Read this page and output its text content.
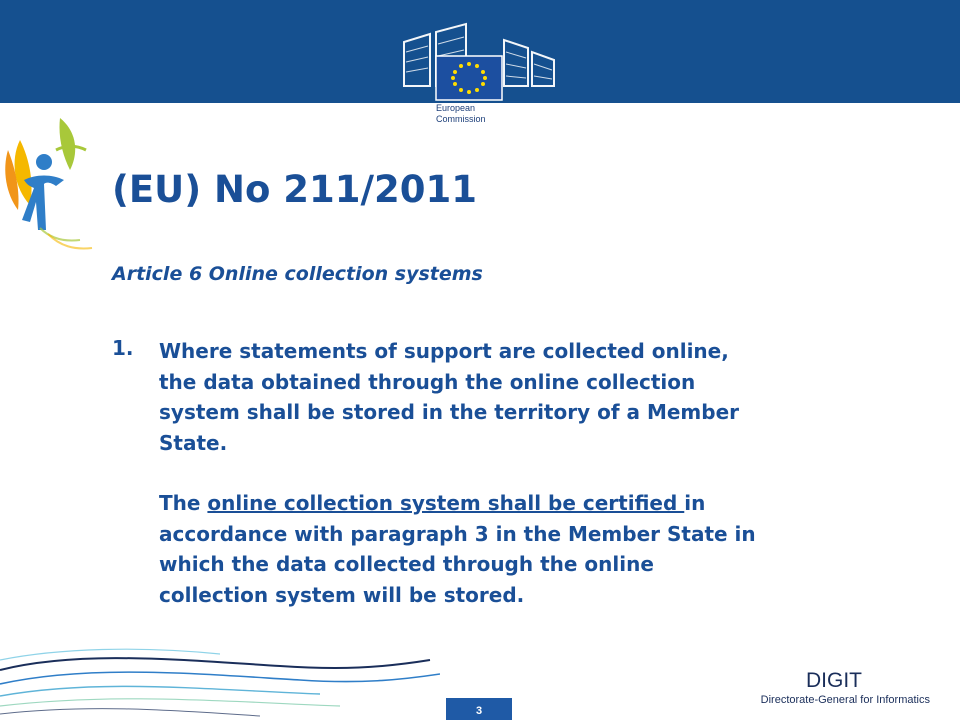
European
Commission
(EU) No 211/2011

Article 6 Online collection systems

1. Where statements of support are collected online,
the data obtained through the online collection
system shall be stored in the territory of a Member
State.

The online collection system shall be certified in
accordance with paragraph 3 in the Member State in
which the data collected through the online
collection system will be stored.

DIGIT
Directorate-General for Informatics
3
